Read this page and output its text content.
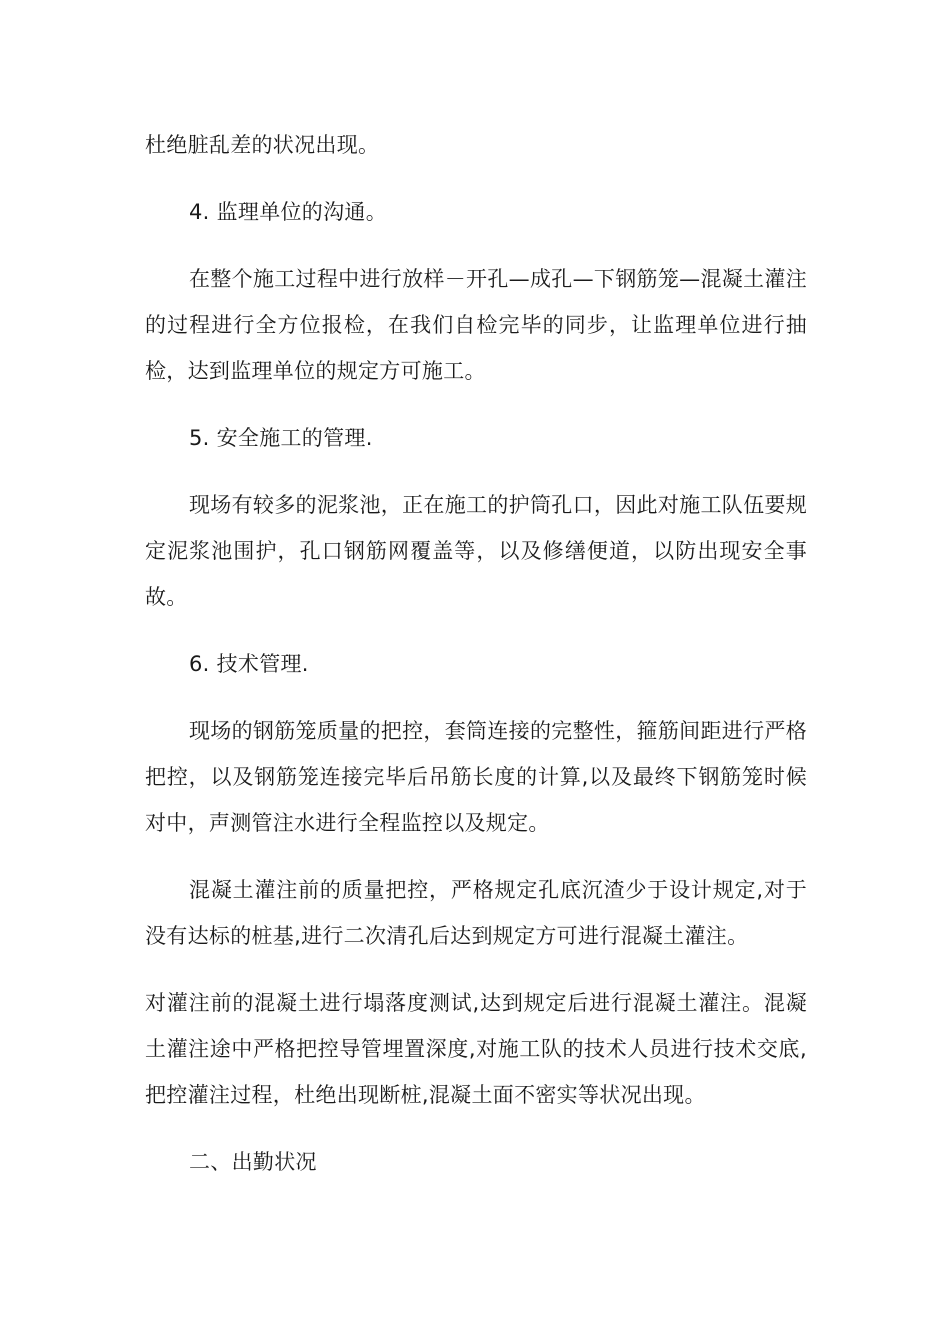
杜绝脏乱差的状况出现。

4. 监理单位的沟通。

在整个施工过程中进行放样－开孔—成孔—下钢筋笼—混凝土灌注的过程进行全方位报检，在我们自检完毕的同步，让监理单位进行抽检，达到监理单位的规定方可施工。

5. 安全施工的管理.

现场有较多的泥浆池，正在施工的护筒孔口，因此对施工队伍要规定泥浆池围护，孔口钢筋网覆盖等，以及修缮便道，以防出现安全事故。

6. 技术管理.

现场的钢筋笼质量的把控，套筒连接的完整性，箍筋间距进行严格把控，以及钢筋笼连接完毕后吊筋长度的计算,以及最终下钢筋笼时候对中，声测管注水进行全程监控以及规定。

混凝土灌注前的质量把控，严格规定孔底沉渣少于设计规定,对于没有达标的桩基,进行二次清孔后达到规定方可进行混凝土灌注。

对灌注前的混凝土进行塌落度测试,达到规定后进行混凝土灌注。混凝土灌注途中严格把控导管埋置深度,对施工队的技术人员进行技术交底,把控灌注过程，杜绝出现断桩,混凝土面不密实等状况出现。

二、出勤状况
